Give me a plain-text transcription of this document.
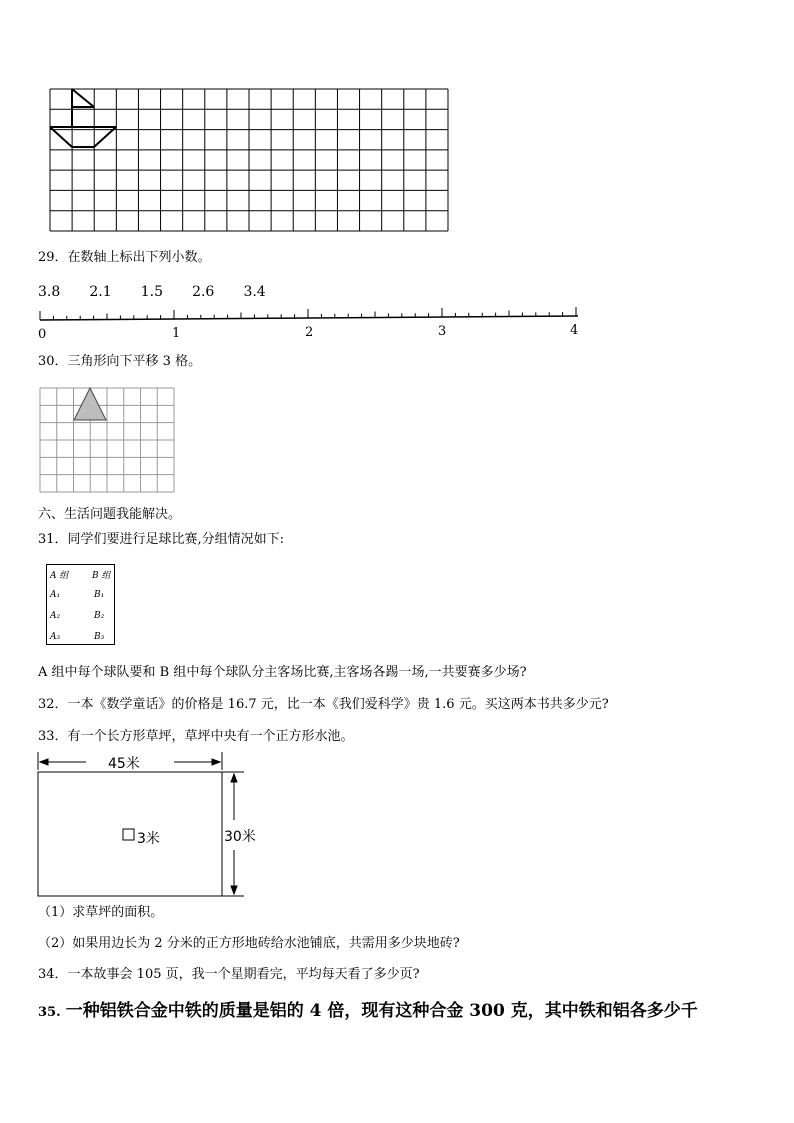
29．在数轴上标出下列小数。
3.8 2.1 1.5 2.6 3.4
0	1	2	3	4
30．三角形向下平移 3 格。
六、生活问题我能解决。
31．同学们要进行足球比赛,分组情况如下:
A 组	B 组
A₁	B₁
A₂	B₂
A₃	B₃
A 组中每个球队要和 B 组中每个球队分主客场比赛,主客场各踢一场,一共要赛多少场?
32．一本《数学童话》的价格是 16.7 元，比一本《我们爱科学》贵 1.6 元。买这两本书共多少元?
33．有一个长方形草坪，草坪中央有一个正方形水池。
45米
30米
3米
（1）求草坪的面积。
（2）如果用边长为 2 分米的正方形地砖给水池铺底，共需用多少块地砖?
34．一本故事会 105 页，我一个星期看完，平均每天看了多少页?
35. 一种铝铁合金中铁的质量是铝的 4 倍，现有这种合金 300 克，其中铁和铝各多少千
